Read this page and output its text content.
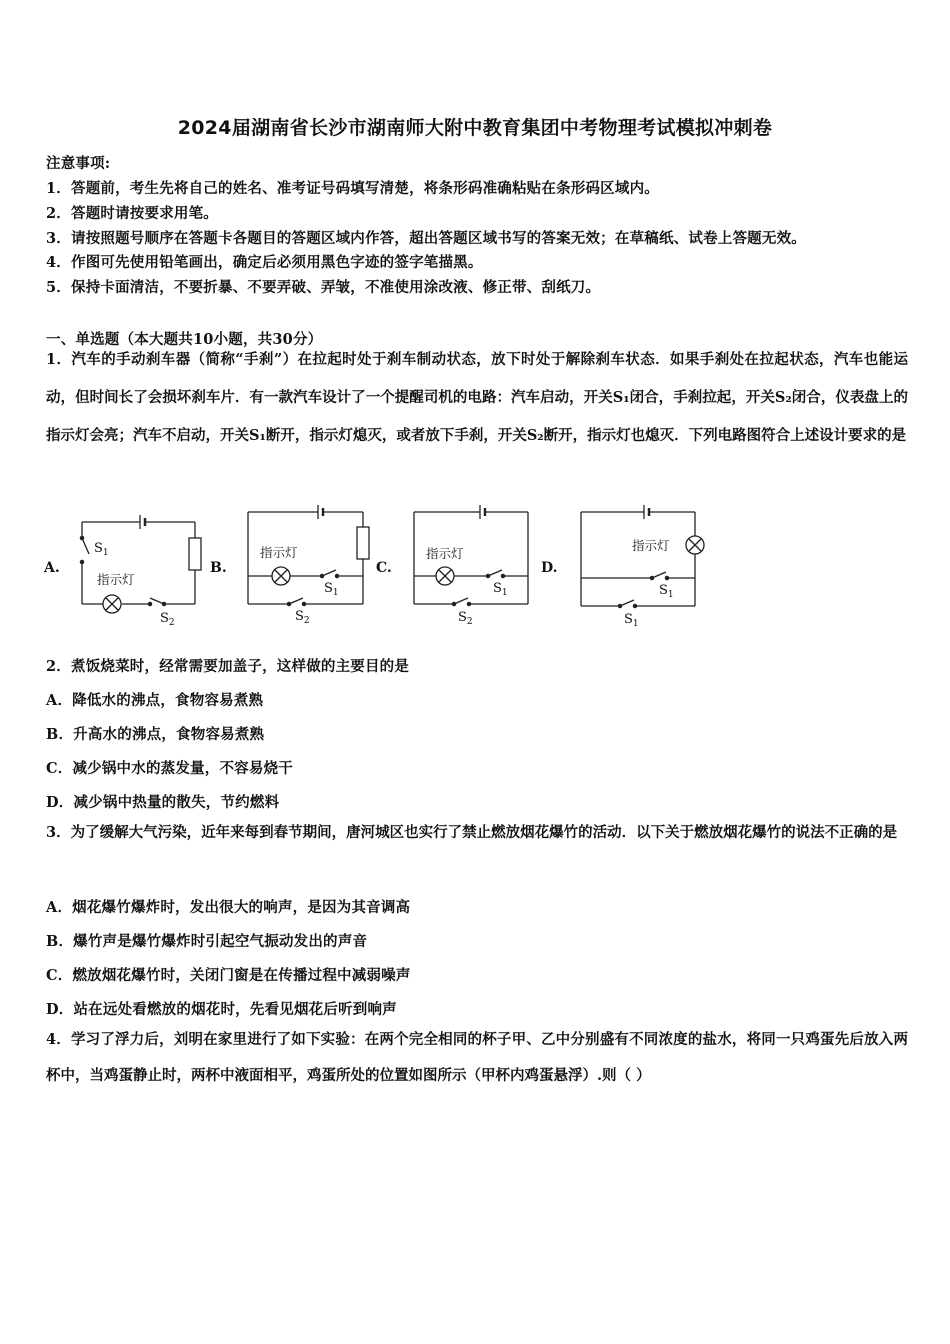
2024届湖南省长沙市湖南师大附中教育集团中考物理考试模拟冲刺卷
注意事项:
1．答题前，考生先将自己的姓名、准考证号码填写清楚，将条形码准确粘贴在条形码区域内。
2．答题时请按要求用笔。
3．请按照题号顺序在答题卡各题目的答题区域内作答，超出答题区域书写的答案无效；在草稿纸、试卷上答题无效。
4．作图可先使用铅笔画出，确定后必须用黑色字迹的签字笔描黑。
5．保持卡面清洁，不要折暴、不要弄破、弄皱，不准使用涂改液、修正带、刮纸刀。
一、单选题（本大题共10小题，共30分）
1．汽车的手动刹车器（简称“手刹”）在拉起时处于刹车制动状态，放下时处于解除刹车状态．如果手刹处在拉起状态，汽车也能运动，但时间长了会损坏刹车片．有一款汽车设计了一个提醒司机的电路：汽车启动，开关S₁闭合，手刹拉起，开关S₂闭合，仪表盘上的指示灯会亮；汽车不启动，开关S₁断开，指示灯熄灭，或者放下手刹，开关S₂断开，指示灯也熄灭．下列电路图符合上述设计要求的是
A.	B.	C.	D.
$S_1$
指示灯
$S_2$
指示灯
$S_1$
$S_2$
指示灯
$S_1$
$S_2$
指示灯
$S_1$
$S_1$
2．煮饭烧菜时，经常需要加盖子，这样做的主要目的是
A．降低水的沸点，食物容易煮熟
B．升高水的沸点，食物容易煮熟
C．减少锅中水的蒸发量，不容易烧干
D．减少锅中热量的散失，节约燃料
3．为了缓解大气污染，近年来每到春节期间，唐河城区也实行了禁止燃放烟花爆竹的活动．以下关于燃放烟花爆竹的说法不正确的是
A．烟花爆竹爆炸时，发出很大的响声，是因为其音调高
B．爆竹声是爆竹爆炸时引起空气振动发出的声音
C．燃放烟花爆竹时，关闭门窗是在传播过程中减弱噪声
D．站在远处看燃放的烟花时，先看见烟花后听到响声
4．学习了浮力后，刘明在家里进行了如下实验：在两个完全相同的杯子甲、乙中分别盛有不同浓度的盐水，将同一只鸡蛋先后放入两杯中，当鸡蛋静止时，两杯中液面相平，鸡蛋所处的位置如图所示（甲杯内鸡蛋悬浮）.则（ ）
